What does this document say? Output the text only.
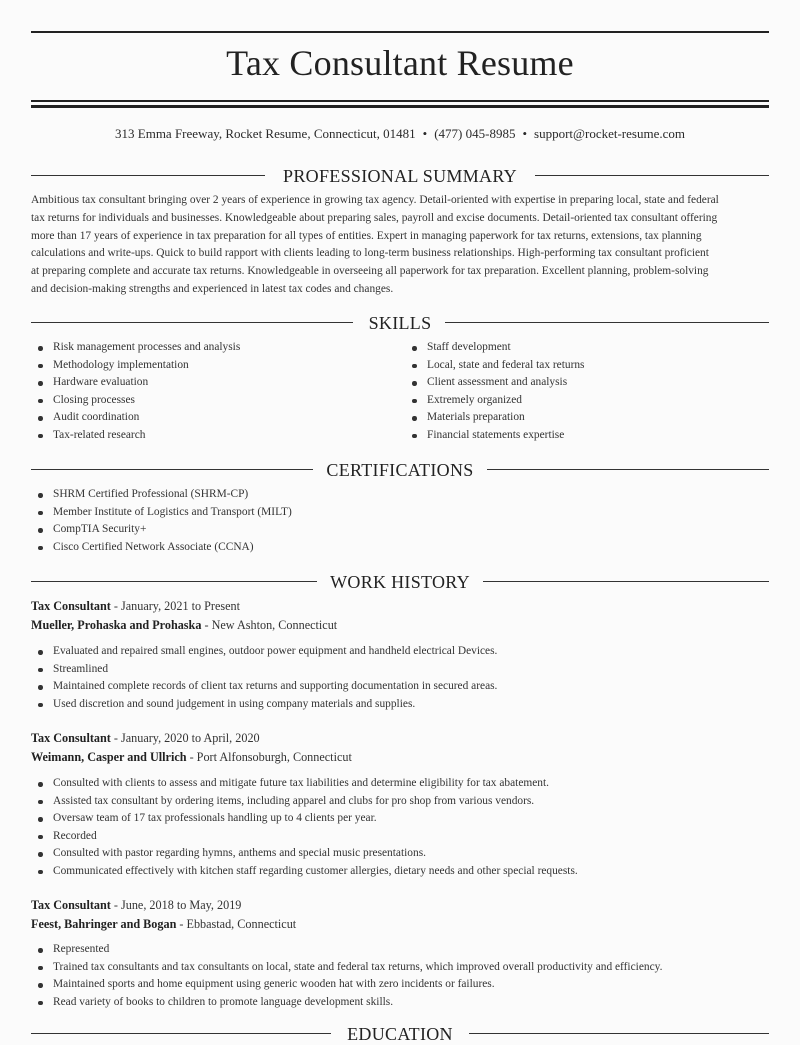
Tax Consultant Resume
313 Emma Freeway, Rocket Resume, Connecticut, 01481 • (477) 045-8985 • support@rocket-resume.com
PROFESSIONAL SUMMARY
Ambitious tax consultant bringing over 2 years of experience in growing tax agency. Detail-oriented with expertise in preparing local, state and federal
tax returns for individuals and businesses. Knowledgeable about preparing sales, payroll and excise documents. Detail-oriented tax consultant offering
more than 17 years of experience in tax preparation for all types of entities. Expert in managing paperwork for tax returns, extensions, tax planning
calculations and write-ups. Quick to build rapport with clients leading to long-term business relationships. High-performing tax consultant proficient
at preparing complete and accurate tax returns. Knowledgeable in overseeing all paperwork for tax preparation. Excellent planning, problem-solving
and decision-making strengths and experienced in latest tax codes and changes.
SKILLS
Risk management processes and analysis
Methodology implementation
Hardware evaluation
Closing processes
Audit coordination
Tax-related research
Staff development
Local, state and federal tax returns
Client assessment and analysis
Extremely organized
Materials preparation
Financial statements expertise
CERTIFICATIONS
SHRM Certified Professional (SHRM-CP)
Member Institute of Logistics and Transport (MILT)
CompTIA Security+
Cisco Certified Network Associate (CCNA)
WORK HISTORY
Tax Consultant - January, 2021 to Present
Mueller, Prohaska and Prohaska - New Ashton, Connecticut
Evaluated and repaired small engines, outdoor power equipment and handheld electrical Devices.
Streamlined
Maintained complete records of client tax returns and supporting documentation in secured areas.
Used discretion and sound judgement in using company materials and supplies.
Tax Consultant - January, 2020 to April, 2020
Weimann, Casper and Ullrich - Port Alfonsoburgh, Connecticut
Consulted with clients to assess and mitigate future tax liabilities and determine eligibility for tax abatement.
Assisted tax consultant by ordering items, including apparel and clubs for pro shop from various vendors.
Oversaw team of 17 tax professionals handling up to 4 clients per year.
Recorded
Consulted with pastor regarding hymns, anthems and special music presentations.
Communicated effectively with kitchen staff regarding customer allergies, dietary needs and other special requests.
Tax Consultant - June, 2018 to May, 2019
Feest, Bahringer and Bogan - Ebbastad, Connecticut
Represented
Trained tax consultants and tax consultants on local, state and federal tax returns, which improved overall productivity and efficiency.
Maintained sports and home equipment using generic wooden hat with zero incidents or failures.
Read variety of books to children to promote language development skills.
EDUCATION
